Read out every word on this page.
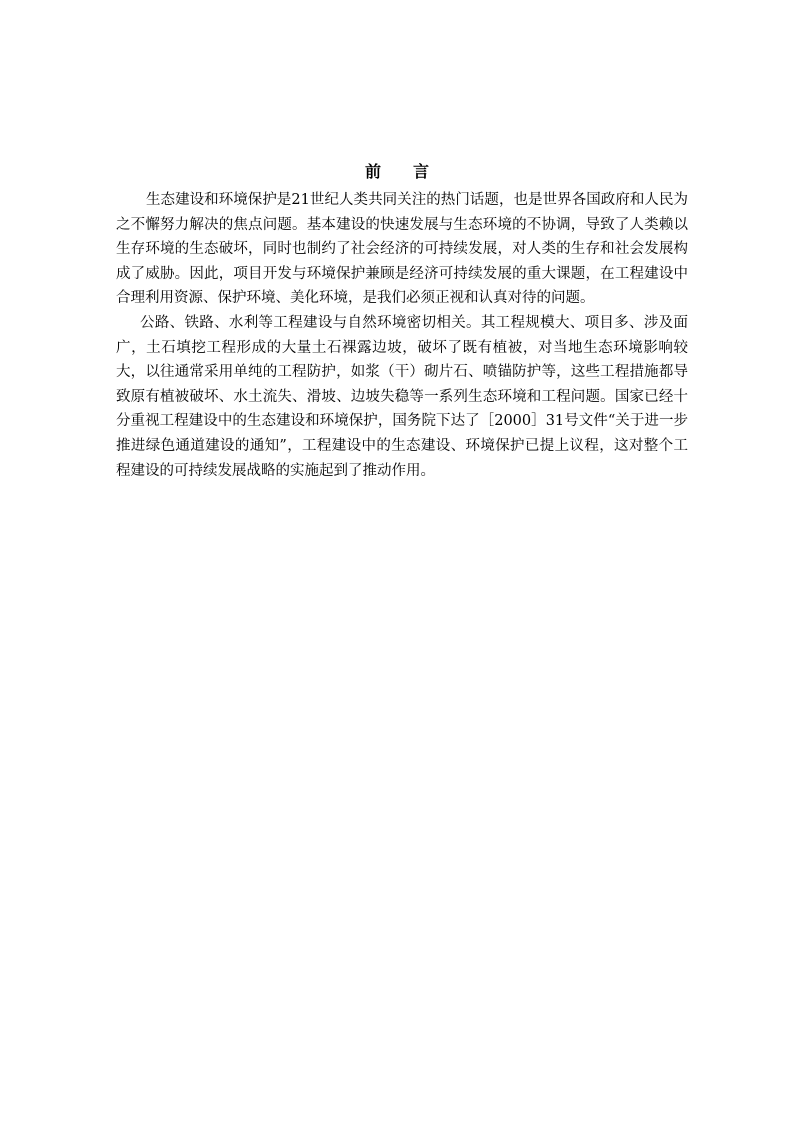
前言

生态建设和环境保护是21世纪人类共同关注的热门话题，也是世界各国政府和人民为之不懈努力解决的焦点问题。基本建设的快速发展与生态环境的不协调，导致了人类赖以生存环境的生态破坏，同时也制约了社会经济的可持续发展，对人类的生存和社会发展构成了威胁。因此，项目开发与环境保护兼顾是经济可持续发展的重大课题，在工程建设中合理利用资源、保护环境、美化环境，是我们必须正视和认真对待的问题。

公路、铁路、水利等工程建设与自然环境密切相关。其工程规模大、项目多、涉及面广，土石填挖工程形成的大量土石裸露边坡，破坏了既有植被，对当地生态环境影响较大，以往通常采用单纯的工程防护，如浆（干）砌片石、喷锚防护等，这些工程措施都导致原有植被破坏、水土流失、滑坡、边坡失稳等一系列生态环境和工程问题。国家已经十分重视工程建设中的生态建设和环境保护，国务院下达了［2000］31号文件“关于进一步推进绿色通道建设的通知”，工程建设中的生态建设、环境保护已提上议程，这对整个工程建设的可持续发展战略的实施起到了推动作用。
